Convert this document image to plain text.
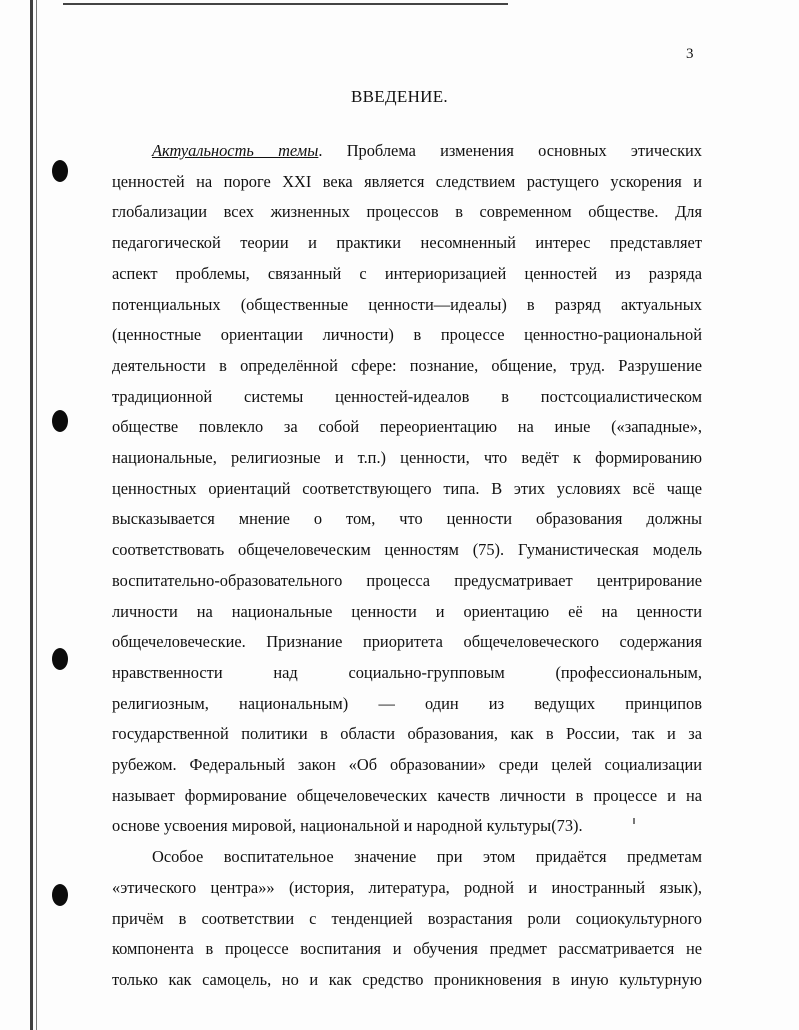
3
ВВЕДЕНИЕ.
Актуальность темы. Проблема изменения основных этических
ценностей на пороге XXI века является следствием растущего ускорения и
глобализации всех жизненных процессов в современном обществе. Для
педагогической теории и практики несомненный интерес представляет
аспект проблемы, связанный с интериоризацией ценностей из разряда
потенциальных (общественные ценности—идеалы) в разряд актуальных
(ценностные ориентации личности) в процессе ценностно-рациональной
деятельности в определённой сфере: познание, общение, труд. Разрушение
традиционной системы ценностей-идеалов в постсоциалистическом
обществе повлекло за собой переориентацию на иные («западные»,
национальные, религиозные и т.п.) ценности, что ведёт к формированию
ценностных ориентаций соответствующего типа. В этих условиях всё чаще
высказывается мнение о том, что ценности образования должны
соответствовать общечеловеческим ценностям (75). Гуманистическая модель
воспитательно-образовательного процесса предусматривает центрирование
личности на национальные ценности и ориентацию её на ценности
общечеловеческие. Признание приоритета общечеловеческого содержания
нравственности над социально-групповым (профессиональным,
религиозным, национальным) — один из ведущих принципов
государственной политики в области образования, как в России, так и за
рубежом. Федеральный закон «Об образовании» среди целей социализации
называет формирование общечеловеческих качеств личности в процессе и на
основе усвоения мировой, национальной и народной культуры(73).
Особое воспитательное значение при этом придаётся предметам
«этического центра»» (история, литература, родной и иностранный язык),
причём в соответствии с тенденцией возрастания роли социокультурного
компонента в процессе воспитания и обучения предмет рассматривается не
только как самоцель, но и как средство проникновения в иную культурную
